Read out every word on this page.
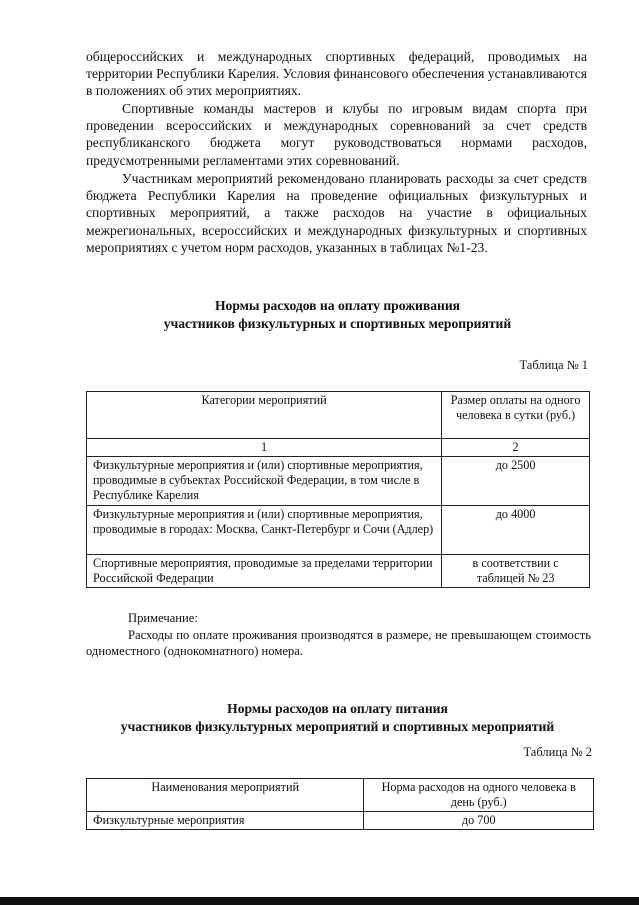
общероссийских и международных спортивных федераций, проводимых на территории Республики Карелия. Условия финансового обеспечения устанавливаются в положениях об этих мероприятиях.

Спортивные команды мастеров и клубы по игровым видам спорта при проведении всероссийских и международных соревнований за счет средств республиканского бюджета могут руководствоваться нормами расходов, предусмотренными регламентами этих соревнований.

Участникам мероприятий рекомендовано планировать расходы за счет средств бюджета Республики Карелия на проведение официальных физкультурных и спортивных мероприятий, а также расходов на участие в официальных межрегиональных, всероссийских и международных физкультурных и спортивных мероприятиях с учетом норм расходов, указанных в таблицах №1-23.

Нормы расходов на оплату проживания
участников физкультурных и спортивных мероприятий

Таблица № 1
Категории мероприятий	Размер оплаты на одного человека в сутки (руб.)
1	2
Физкультурные мероприятия и (или) спортивные мероприятия, проводимые в субъектах Российской Федерации, в том числе в Республике Карелия	до 2500
Физкультурные мероприятия и (или) спортивные мероприятия, проводимые в городах: Москва, Санкт-Петербург и Сочи (Адлер)	до 4000
Спортивные мероприятия, проводимые за пределами территории Российской Федерации	в соответствии с таблицей № 23
Примечание:
Расходы по оплате проживания производятся в размере, не превышающем стоимость одноместного (однокомнатного) номера.

Нормы расходов на оплату питания
участников физкультурных мероприятий и спортивных мероприятий

Таблица № 2
Наименования мероприятий	Норма расходов на одного человека в день (руб.)
Физкультурные мероприятия	до 700
